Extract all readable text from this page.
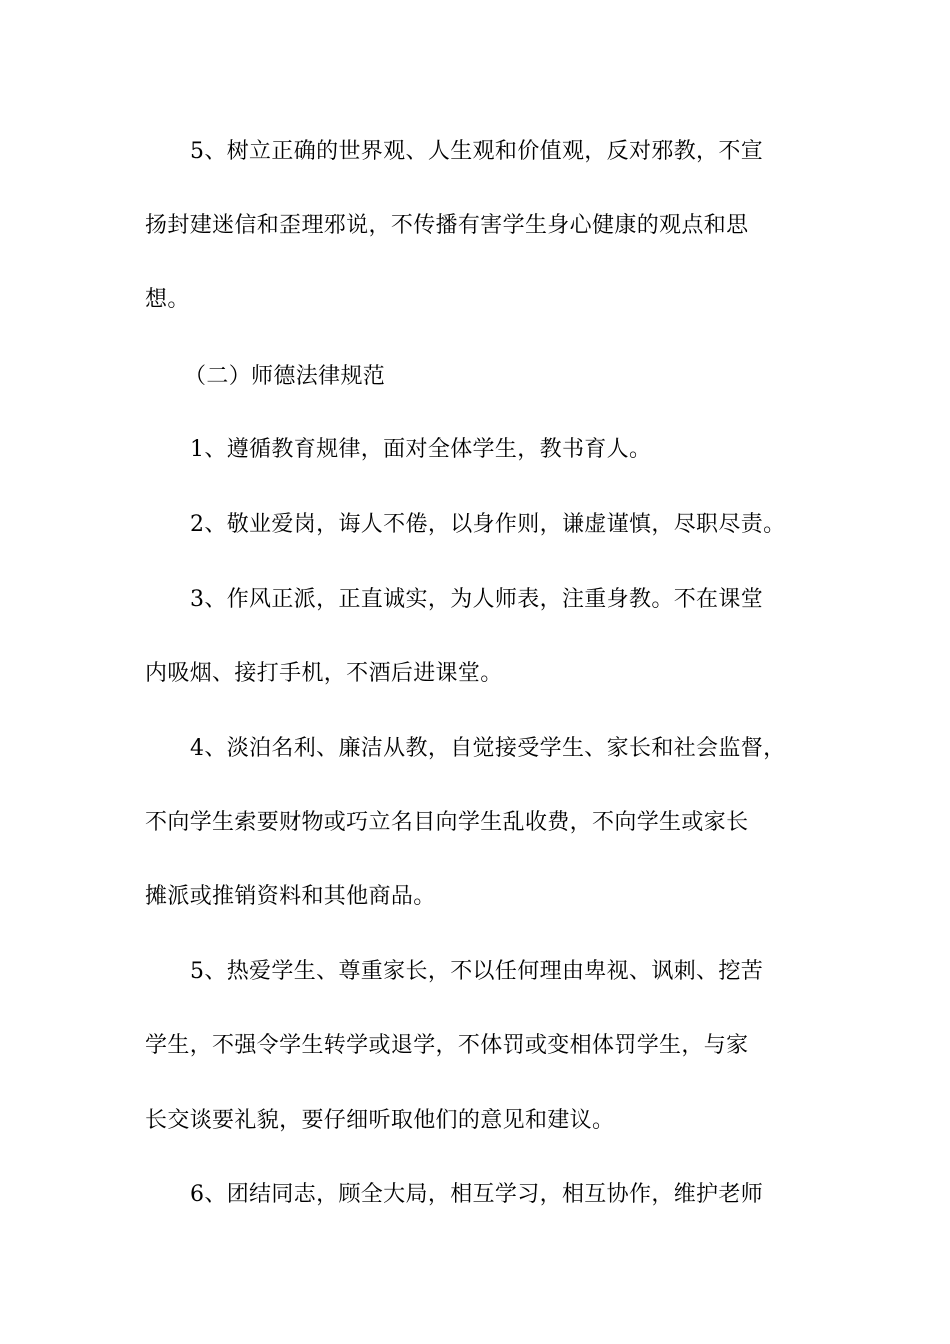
5、树立正确的世界观、人生观和价值观，反对邪教，不宣
扬封建迷信和歪理邪说，不传播有害学生身心健康的观点和思
想。
（二）师德法律规范
1、遵循教育规律，面对全体学生，教书育人。
2、敬业爱岗，诲人不倦，以身作则，谦虚谨慎，尽职尽责。
3、作风正派，正直诚实，为人师表，注重身教。不在课堂
内吸烟、接打手机，不酒后进课堂。
4、淡泊名利、廉洁从教，自觉接受学生、家长和社会监督，
不向学生索要财物或巧立名目向学生乱收费，不向学生或家长
摊派或推销资料和其他商品。
5、热爱学生、尊重家长，不以任何理由卑视、讽刺、挖苦
学生，不强令学生转学或退学，不体罚或变相体罚学生，与家
长交谈要礼貌，要仔细听取他们的意见和建议。
6、团结同志，顾全大局，相互学习，相互协作，维护老师
